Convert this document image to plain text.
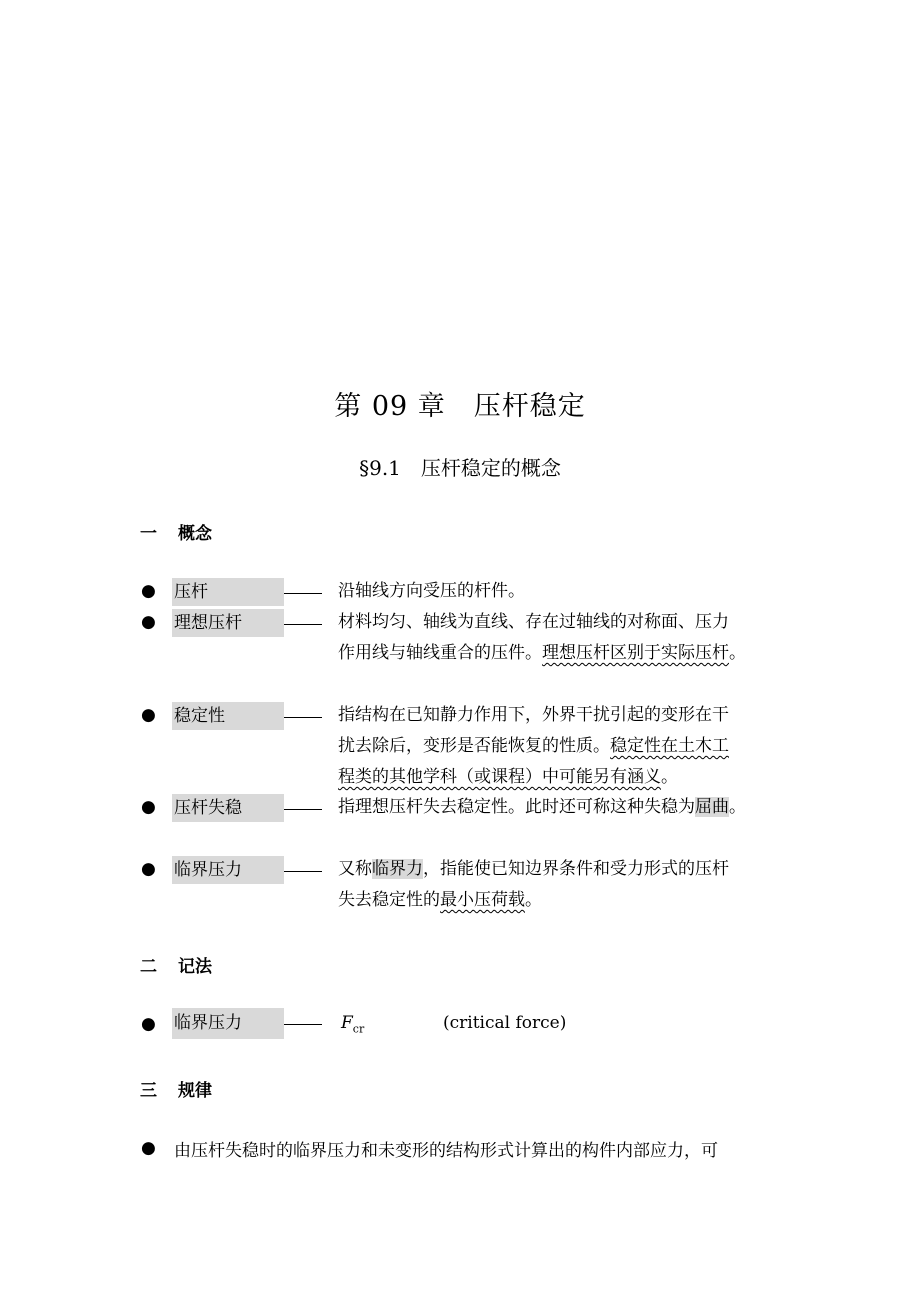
第 09 章　压杆稳定
§9.1　压杆稳定的概念
一 概念
● 压杆	沿轴线方向受压的杆件。
● 理想压杆	材料均匀、轴线为直线、存在过轴线的对称面、压力
作用线与轴线重合的压件。理想压杆区别于实际压杆。
● 稳定性	指结构在已知静力作用下，外界干扰引起的变形在干
扰去除后，变形是否能恢复的性质。稳定性在土木工
程类的其他学科（或课程）中可能另有涵义。
● 压杆失稳	指理想压杆失去稳定性。此时还可称这种失稳为屈曲。
● 临界压力	又称临界力，指能使已知边界条件和受力形式的压杆
失去稳定性的最小压荷载。
二 记法
● 临界压力	$F_{cr}$	(critical force)
三 规律
● 由压杆失稳时的临界压力和未变形的结构形式计算出的构件内部应力，可
